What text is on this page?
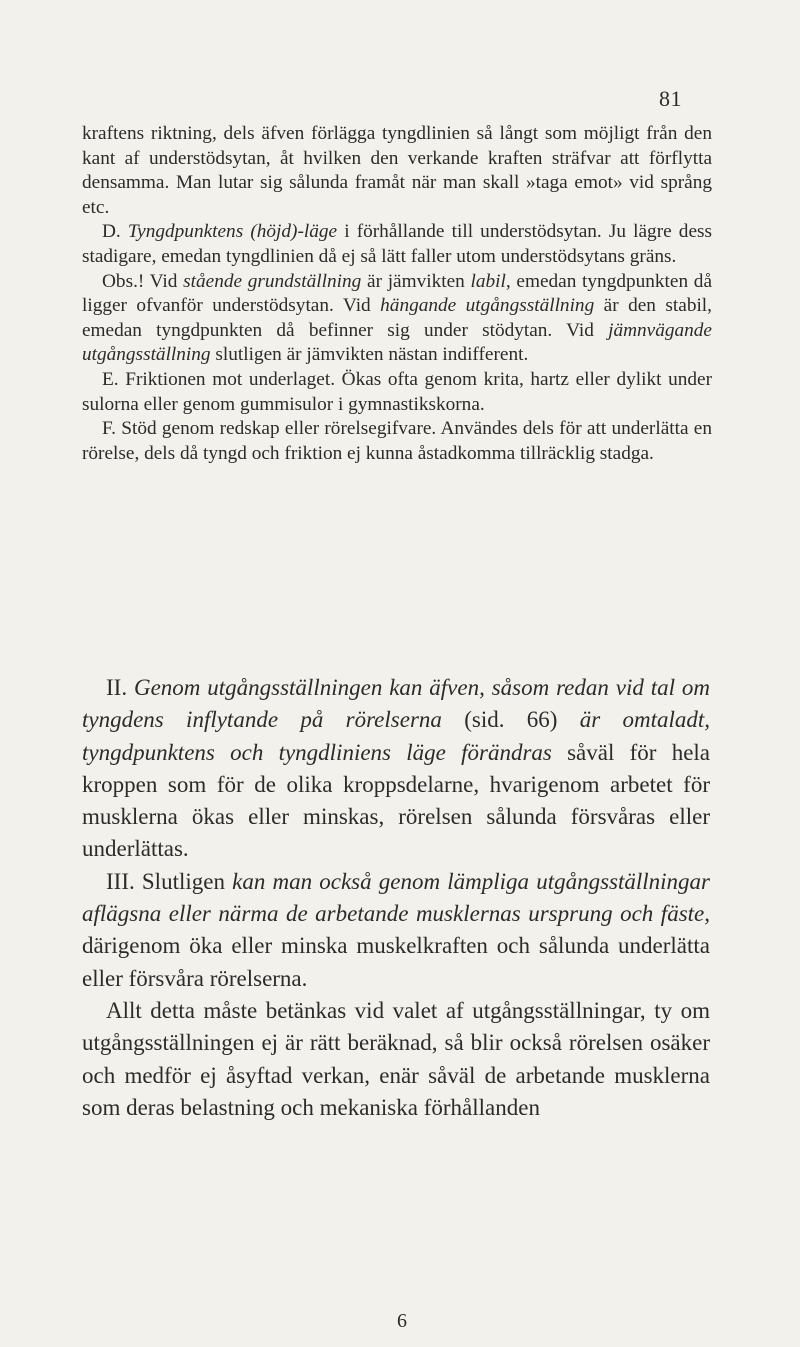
81

kraftens riktning, dels äfven förlägga tyngdlinien så långt som möjligt från den kant af understödsytan, åt hvilken den verkande kraften sträfvar att förflytta densamma. Man lutar sig sålunda framåt när man skall »taga emot» vid språng etc.

D. Tyngdpunktens (höjd)-läge i förhållande till understödsytan. Ju lägre dess stadigare, emedan tyngdlinien då ej så lätt faller utom understödsytans gräns.

Obs.! Vid stående grundställning är jämvikten labil, emedan tyngdpunkten då ligger ofvanför understödsytan. Vid hängande utgångsställning är den stabil, emedan tyngdpunkten då befinner sig under stödytan. Vid jämnvägande utgångsställning slutligen är jämvikten nästan indifferent.

E. Friktionen mot underlaget. Ökas ofta genom krita, hartz eller dylikt under sulorna eller genom gummisulor i gymnastikskorna.

F. Stöd genom redskap eller rörelsegifvare. Användes dels för att underlätta en rörelse, dels då tyngd och friktion ej kunna åstadkomma tillräcklig stadga.

II. Genom utgångsställningen kan äfven, såsom redan vid tal om tyngdens inflytande på rörelserna (sid. 66) är omtaladt, tyngdpunktens och tyngdliniens läge förändras såväl för hela kroppen som för de olika kroppsdelarne, hvarigenom arbetet för musklerna ökas eller minskas, rörelsen sålunda försvåras eller underlättas.

III. Slutligen kan man också genom lämpliga utgångsställningar aflägsna eller närma de arbetande musklernas ursprung och fäste, därigenom öka eller minska muskelkraften och sålunda underlätta eller försvåra rörelserna.

Allt detta måste betänkas vid valet af utgångsställningar, ty om utgångsställningen ej är rätt beräknad, så blir också rörelsen osäker och medför ej åsyftad verkan, enär såväl de arbetande musklerna som deras belastning och mekaniska förhållanden

6
